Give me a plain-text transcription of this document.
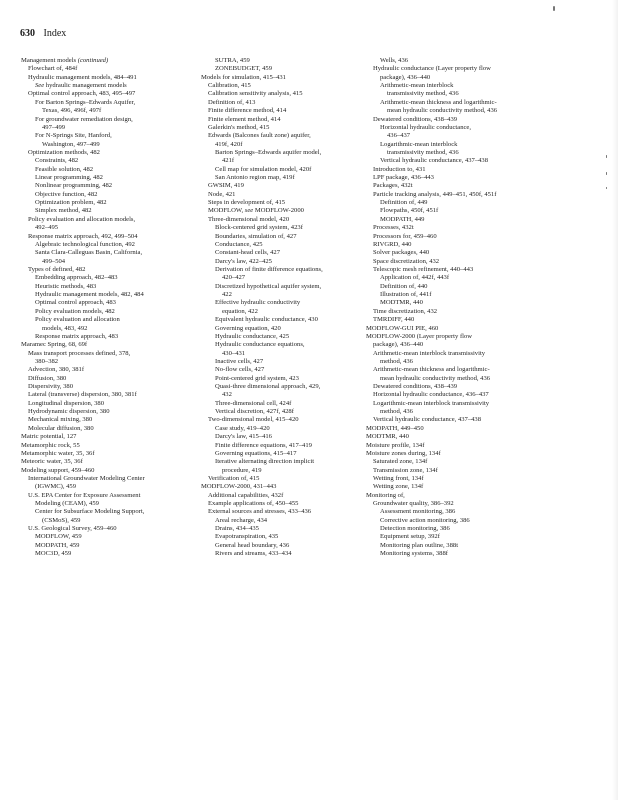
630 Index
Management models (continued)
Flowchart of, 484f
Hydraulic management models, 484–491
See hydraulic management models
Optimal control approach, 483, 495–497
For Barton Springs–Edwards Aquifer,
Texas, 496, 496f, 497f
For groundwater remediation design,
497–499
For N-Springs Site, Hanford,
Washington, 497–499
Optimization methods, 482
Constraints, 482
Feasible solution, 482
Linear programming, 482
Nonlinear programming, 482
Objective function, 482
Optimization problem, 482
Simplex method, 482
Policy evaluation and allocation models,
492–495
Response matrix approach, 492, 499–504
Algebraic technological function, 492
Santa Clara-Calleguas Basin, California,
499–504
Types of defined, 482
Embedding approach, 482–483
Heuristic methods, 483
Hydraulic management models, 482, 484
Optimal control approach, 483
Policy evaluation models, 482
Policy evaluation and allocation
models, 483, 492
Response matrix approach, 483
Maramec Spring, 68, 69f
Mass transport processes defined, 378,
380–382
Advection, 380, 381f
Diffusion, 380
Dispersivity, 380
Lateral (transverse) dispersion, 380, 381f
Longitudinal dispersion, 380
Hydrodynamic dispersion, 380
Mechanical mixing, 380
Molecular diffusion, 380
Matric potential, 127
Metamorphic rock, 55
Metamorphic water, 35, 36f
Meteoric water, 35, 36f
Modeling support, 459–460
International Groundwater Modeling Center
(IGWMC), 459
U.S. EPA Center for Exposure Assessment
Modeling (CEAM), 459
Center for Subsurface Modeling Support,
(CSMoS), 459
U.S. Geological Survey, 459–460
MODFLOW, 459
MODPATH, 459
MOC3D, 459
SUTRA, 459
ZONEBUDGET, 459
Models for simulation, 415–431
Calibration, 415
Calibration sensitivity analysis, 415
Definition of, 413
Finite difference method, 414
Finite element method, 414
Galerkin's method, 415
Edwards (Balcones fault zone) aquifer,
419f, 420f
Barton Springs–Edwards aquifer model,
421f
Cell map for simulation model, 420f
San Antonio region map, 419f
GWSIM, 419
Node, 421
Steps in development of, 415
MODFLOW, see MODFLOW-2000
Three-dimensional model, 420
Block-centered grid system, 423f
Boundaries, simulation of, 427
Conductance, 425
Constant-head cells, 427
Darcy's law, 422–425
Derivation of finite difference equations,
420–427
Discretized hypothetical aquifer system,
422
Effective hydraulic conductivity
equation, 422
Equivalent hydraulic conductance, 430
Governing equation, 420
Hydraulic conductance, 425
Hydraulic conductance equations,
430–431
Inactive cells, 427
No-flow cells, 427
Point-centered grid system, 423
Quasi-three dimensional approach, 429,
432
Three-dimensional cell, 424f
Vertical discretion, 427f, 428f
Two-dimensional model, 415–420
Case study, 419–420
Darcy's law, 415–416
Finite difference equations, 417–419
Governing equations, 415–417
Iterative alternating direction implicit
procedure, 419
Verification of, 415
MODFLOW-2000, 431–443
Additional capabilities, 432f
Example applications of, 450–455
External sources and stresses, 433–436
Areal recharge, 434
Drains, 434–435
Evapotranspiration, 435
General head boundary, 436
Rivers and streams, 433–434
Wells, 436
Hydraulic conductance (Layer property flow
package), 436–440
Arithmetic-mean interblock
transmissivity method, 436
Arithmetic-mean thickness and logarithmic-
mean hydraulic conductivity method, 436
Dewatered conditions, 438–439
Horizontal hydraulic conductance,
436–437
Logarithmic-mean interblock
transmissivity method, 436
Vertical hydraulic conductance, 437–438
Introduction to, 431
LPF package, 436–443
Packages, 432t
Particle tracking analysis, 449–451, 450f, 451f
Definition of, 449
Flowpaths, 450f, 451f
MODPATH, 449
Processes, 432t
Processors for, 459–460
RIVGRD, 440
Solver packages, 440
Space discretization, 432
Telescopic mesh refinement, 440–443
Application of, 442f, 443f
Definition of, 440
Illustration of, 441f
MODTMR, 440
Time discretization, 432
TMRDIFF, 440
MODFLOW-GUI PIE, 460
MODFLOW-2000 (Layer property flow
package), 436–440
Arithmetic-mean interblock transmissivity
method, 436
Arithmetic-mean thickness and logarithmic-
mean hydraulic conductivity method, 436
Dewatered conditions, 438–439
Horizontal hydraulic conductance, 436–437
Logarithmic-mean interblock transmissivity
method, 436
Vertical hydraulic conductance, 437–438
MODPATH, 449–450
MODTMR, 440
Moisture profile, 134f
Moisture zones during, 134f
Saturated zone, 134f
Transmission zone, 134f
Wetting front, 134f
Wetting zone, 134f
Monitoring of,
Groundwater quality, 386–392
Assessment monitoring, 386
Corrective action monitoring, 386
Detection monitoring, 386
Equipment setup, 392f
Monitoring plan outline, 388t
Monitoring systems, 388f
